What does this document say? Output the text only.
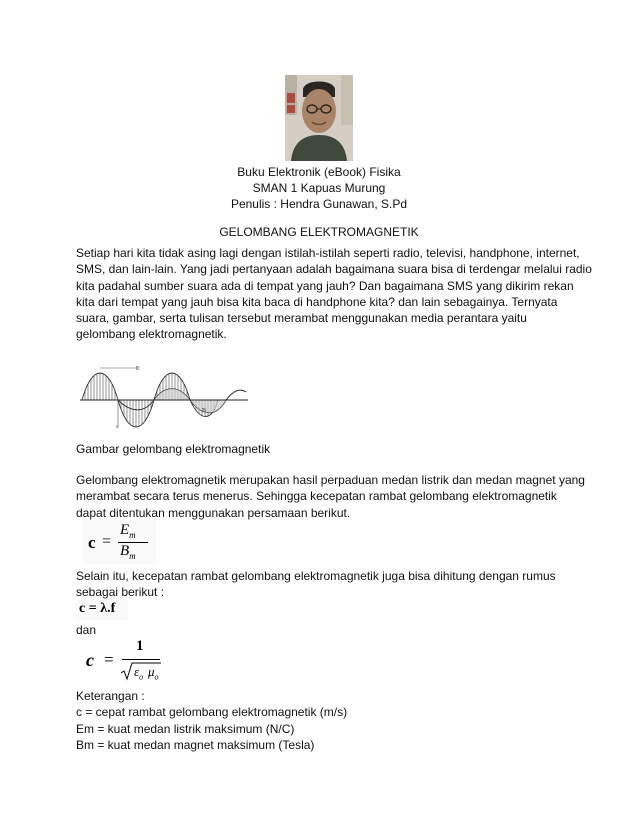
Buku Elektronik (eBook) Fisika
SMAN 1 Kapuas Murung
Penulis : Hendra Gunawan, S.Pd
GELOMBANG ELEKTROMAGNETIK
Setiap hari kita tidak asing lagi dengan istilah-istilah seperti radio, televisi, handphone, internet,
SMS, dan lain-lain. Yang jadi pertanyaan adalah bagaimana suara bisa di terdengar melalui radio
kita padahal sumber suara ada di tempat yang jauh? Dan bagaimana SMS yang dikirim rekan
kita dari tempat yang jauh bisa kita baca di handphone kita? dan lain sebagainya. Ternyata
suara, gambar, serta tulisan tersebut merambat menggunakan media perantara yaitu
gelombang elektromagnetik.
E
B
c
Gambar gelombang elektromagnetik
Gelombang elektromagnetik merupakan hasil perpaduan medan listrik dan medan magnet yang
merambat secara terus menerus. Sehingga kecepatan rambat gelombang elektromagnetik
dapat ditentukan menggunakan persamaan berikut.
c =
$E_m$
$B_m$
Selain itu, kecepatan rambat gelombang elektromagnetik juga bisa dihitung dengan rumus
sebagai berikut :
c = λ.f
dan
c =
1
$\varepsilon_o$ $\mu_o$
Keterangan :
c = cepat rambat gelombang elektromagnetik (m/s)
Em = kuat medan listrik maksimum (N/C)
Bm = kuat medan magnet maksimum (Tesla)
